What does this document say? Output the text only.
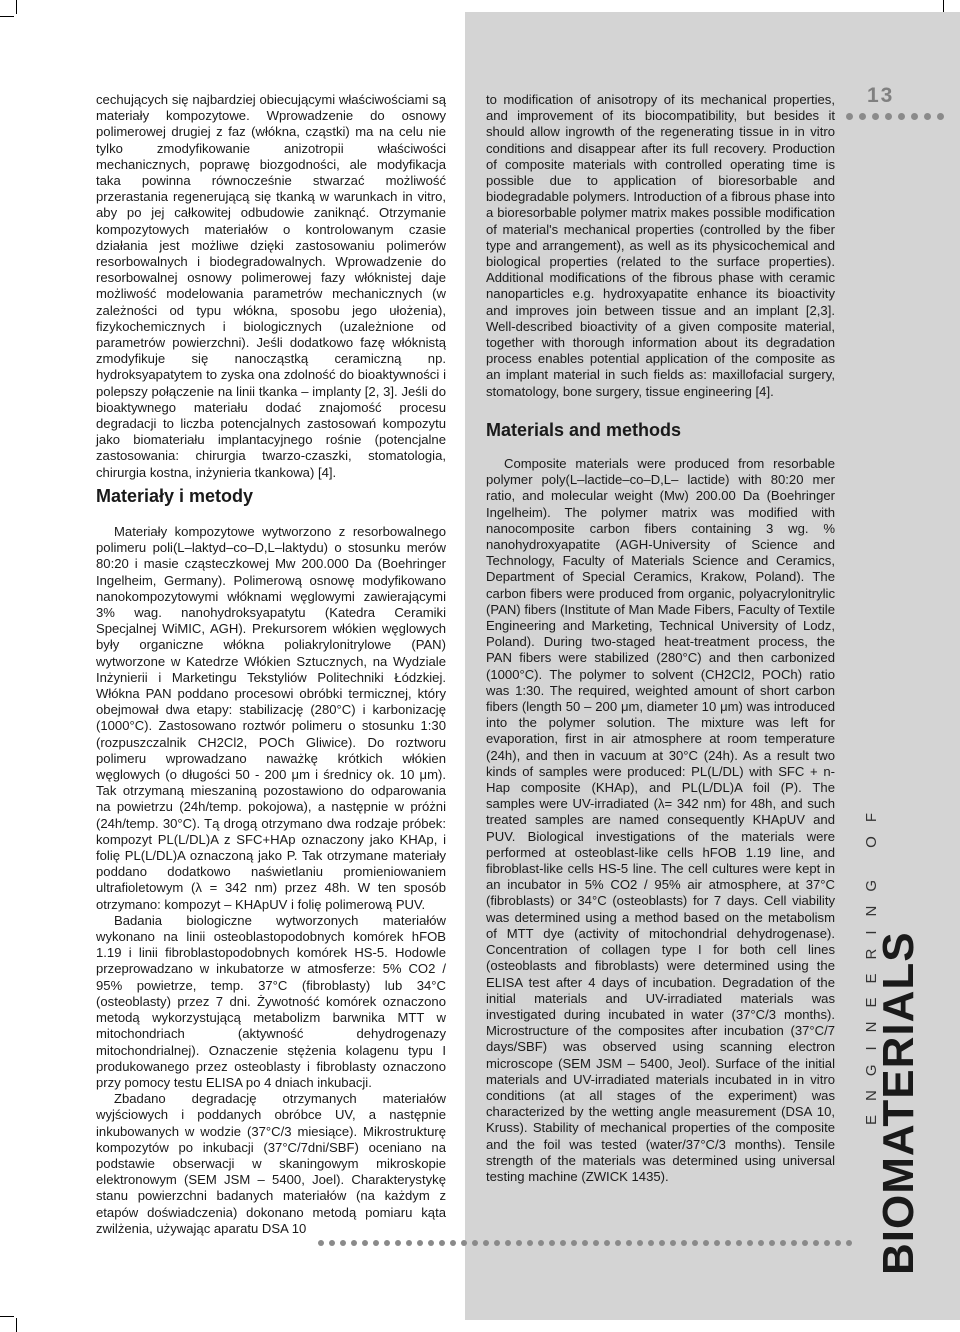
cechujących się najbardziej obiecującymi właściwościami są materiały kompozytowe. Wprowadzenie do osnowy polimerowej drugiej z faz (włókna, cząstki) ma na celu nie tylko zmodyfikowanie anizotropii właściwości mechanicznych, poprawę biozgodności, ale modyfikacja taka powinna równocześnie stwarzać możliwość przerastania regenerującą się tkanką w warunkach in vitro, aby po jej całkowitej odbudowie zaniknąć. Otrzymanie kompozytowych materiałów o kontrolowanym czasie działania jest możliwe dzięki zastosowaniu polimerów resorbowalnych i biodegradowalnych. Wprowadzenie do resorbowalnej osnowy polimerowej fazy włóknistej daje możliwość modelowania parametrów mechanicznych (w zależności od typu włókna, sposobu jego ułożenia), fizykochemicznych i biologicznych (uzależnione od parametrów powierzchni). Jeśli dodatkowo fazę włóknistą zmodyfikuje się nanocząstką ceramiczną np. hydroksyapatytem to zyska ona zdolność do bioaktywności i polepszy połączenie na linii tkanka – implanty [2, 3]. Jeśli do bioaktywnego materiału dodać znajomość procesu degradacji to liczba potencjalnych zastosowań kompozytu jako biomateriału implantacyjnego rośnie (potencjalne zastosowania: chirurgia twarzo-czaszki, stomatologia, chirurgia kostna, inżynieria tkankowa) [4].

Materiały i metody

Materiały kompozytowe wytworzono z resorbowalnego polimeru poli(L–laktyd–co–D,L–laktydu) o stosunku merów 80:20 i masie cząsteczkowej Mw 200.000 Da (Boehringer Ingelheim, Germany). Polimerową osnowę modyfikowano nanokompozytowymi włóknami węglowymi zawierającymi 3% wag. nanohydroksyapatytu (Katedra Ceramiki Specjalnej WiMIC, AGH). Prekursorem włókien węglowych były organiczne włókna poliakrylonitrylowe (PAN) wytworzone w Katedrze Włókien Sztucznych, na Wydziale Inżynierii i Marketingu Tekstyliów Politechniki Łódzkiej. Włókna PAN poddano procesowi obróbki termicznej, który obejmował dwa etapy: stabilizację (280°C) i karbonizację (1000°C). Zastosowano roztwór polimeru o stosunku 1:30 (rozpuszczalnik CH2Cl2, POCh Gliwice). Do roztworu polimeru wprowadzano naważkę krótkich włókien węglowych (o długości 50 - 200 μm i średnicy ok. 10 μm). Tak otrzymaną mieszaniną pozostawiono do odparowania na powietrzu (24h/temp. pokojowa), a następnie w próżni (24h/temp. 30°C). Tą drogą otrzymano dwa rodzaje próbek: kompozyt PL(L/DL)A z SFC+HAp oznaczony jako KHAp, i folię PL(L/DL)A oznaczoną jako P. Tak otrzymane materiały poddano dodatkowo naświetlaniu promieniowaniem ultrafioletowym (λ = 342 nm) przez 48h. W ten sposób otrzymano: kompozyt – KHApUV i folię polimerową PUV.

Badania biologiczne wytworzonych materiałów wykonano na linii osteoblastopodobnych komórek hFOB 1.19 i linii fibroblastopodobnych komórek HS-5. Hodowle przeprowadzano w inkubatorze w atmosferze: 5% CO2 / 95% powietrze, temp. 37°C (fibroblasty) lub 34°C (osteoblasty) przez 7 dni. Żywotność komórek oznaczono metodą wykorzystującą metabolizm barwnika MTT w mitochondriach (aktywność dehydrogenazy mitochondrialnej). Oznaczenie stężenia kolagenu typu I produkowanego przez osteoblasty i fibroblasty oznaczono przy pomocy testu ELISA po 4 dniach inkubacji.

Zbadano degradację otrzymanych materiałów wyjściowych i poddanych obróbce UV, a następnie inkubowanych w wodzie (37°C/3 miesiące). Mikrostrukturę kompozytów po inkubacji (37°C/7dni/SBF) oceniano na podstawie obserwacji w skaningowym mikroskopie elektronowym (SEM JSM – 5400, Joel). Charakterystykę stanu powierzchni badanych materiałów (na każdym z etapów doświadczenia) dokonano metodą pomiaru kąta zwilżenia, używając aparatu DSA 10

to modification of anisotropy of its mechanical properties, and improvement of its biocompatibility, but besides it should allow ingrowth of the regenerating tissue in in vitro conditions and disappear after its full recovery. Production of composite materials with controlled operating time is possible due to application of bioresorbable and biodegradable polymers. Introduction of a fibrous phase into a bioresorbable polymer matrix makes possible modification of material's mechanical properties (controlled by the fiber type and arrangement), as well as its physicochemical and biological properties (related to the surface properties). Additional modifications of the fibrous phase with ceramic nanoparticles e.g. hydroxyapatite enhance its bioactivity and improves join between tissue and an implant [2,3]. Well-described bioactivity of a given composite material, together with thorough information about its degradation process enables potential application of the composite as an implant material in such fields as: maxillofacial surgery, stomatology, bone surgery, tissue engineering [4].

Materials and methods

Composite materials were produced from resorbable polymer poly(L–lactide–co–D,L– lactide) with 80:20 mer ratio, and molecular weight (Mw) 200.00 Da (Boehringer Ingelheim). The polymer matrix was modified with nanocomposite carbon fibers containing 3 wg. % nanohydroxyapatite (AGH-University of Science and Technology, Faculty of Materials Science and Ceramics, Department of Special Ceramics, Krakow, Poland). The carbon fibers were produced from organic, polyacrylonitrylic (PAN) fibers (Institute of Man Made Fibers, Faculty of Textile Engineering and Marketing, Technical University of Lodz, Poland). During two-staged heat-treatment process, the PAN fibers were stabilized (280°C) and then carbonized (1000°C). The polymer to solvent (CH2Cl2, POCh) ratio was 1:30. The required, weighted amount of short carbon fibers (length 50 – 200 μm, diameter 10 μm) was introduced into the polymer solution. The mixture was left for evaporation, first in air atmosphere at room temperature (24h), and then in vacuum at 30°C (24h). As a result two kinds of samples were produced: PL(L/DL) with SFC + n-Hap composite (KHAp), and PL(L/DL)A foil (P). The samples were UV-irradiated (λ= 342 nm) for 48h, and such treated samples are named consequently KHApUV and PUV. Biological investigations of the materials were performed at osteoblast-like cells hFOB 1.19 line, and fibroblast-like cells HS-5 line. The cell cultures were kept in an incubator in 5% CO2 / 95% air atmosphere, at 37°C (fibroblasts) or 34°C (osteoblasts) for 7 days. Cell viability was determined using a method based on the metabolism of MTT dye (activity of mitochondrial dehydrogenase). Concentration of collagen type I for both cell lines (osteoblasts and fibroblasts) were determined using the ELISA test after 4 days of incubation. Degradation of the initial materials and UV-irradiated materials was investigated during incubated in water (37°C/3 months). Microstructure of the composites after incubation (37°C/7 days/SBF) was observed using scanning electron microscope (SEM JSM – 5400, Jeol). Surface of the initial materials and UV-irradiated materials incubated in in vitro conditions (at all stages of the experiment) was characterized by the wetting angle measurement (DSA 10, Kruss). Stability of mechanical properties of the composite and the foil was tested (water/37°C/3 months). Tensile strength of the materials was determined using universal testing machine (ZWICK 1435).

13
ENGINEERING OF
BIOMATERIALS
